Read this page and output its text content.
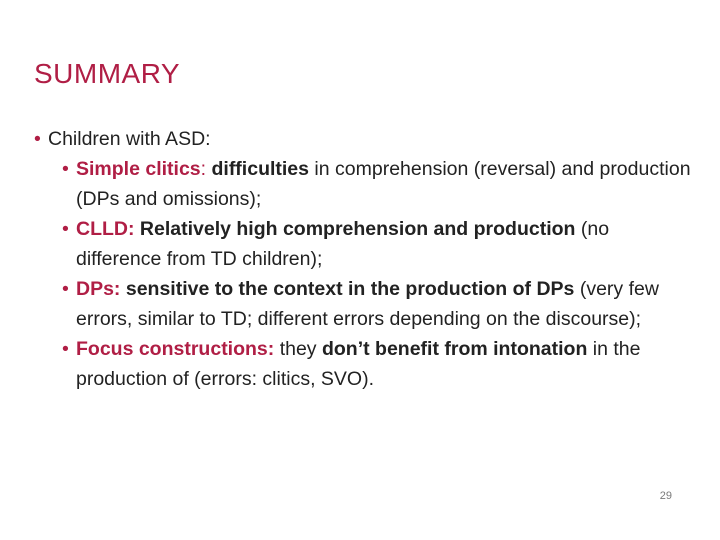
SUMMARY

• Children with ASD:

• Simple clitics: difficulties in comprehension (reversal) and production (DPs and omissions);

• CLLD: Relatively high comprehension and production (no difference from TD children);

• DPs: sensitive to the context in the production of DPs (very few errors, similar to TD; different errors depending on the discourse);

• Focus constructions: they don’t benefit from intonation in the production of (errors: clitics, SVO).

29
